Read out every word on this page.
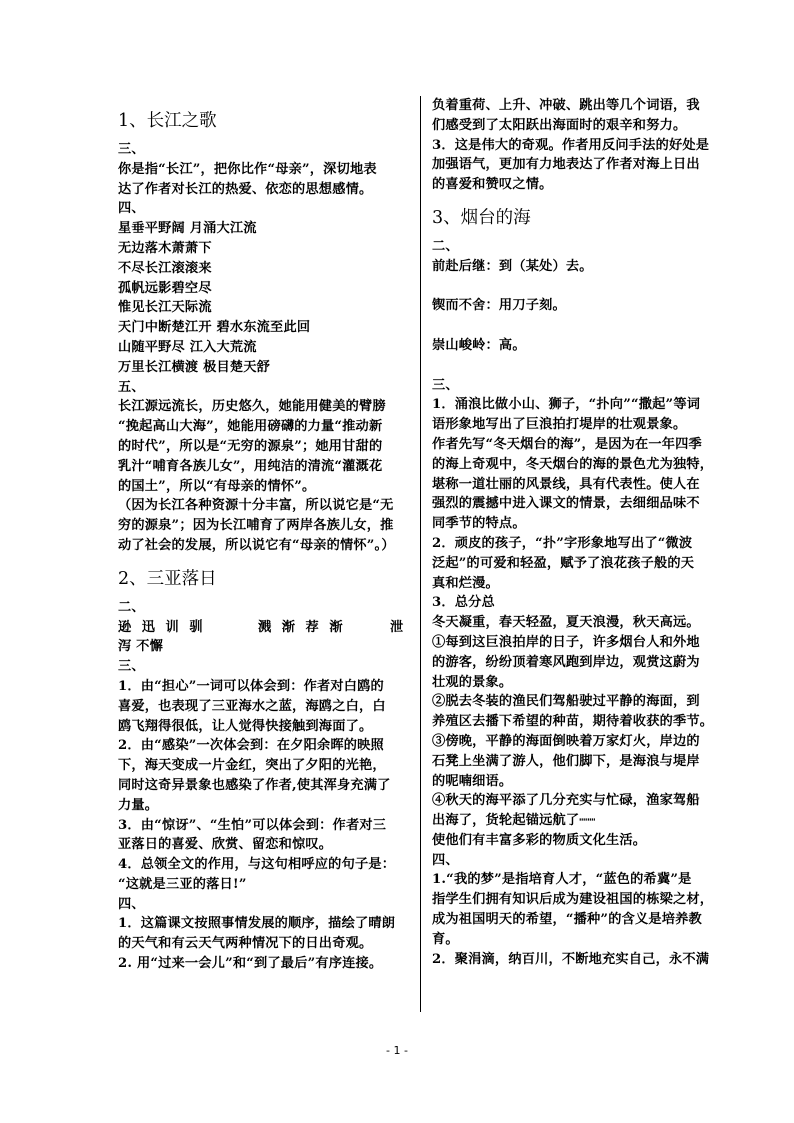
1、长江之歌
三、
你是指“长江”，把你比作“母亲”，深切地表
达了作者对长江的热爱、依恋的思想感情。
四、
星垂平野阔 月涌大江流
无边落木萧萧下
不尽长江滚滚来
孤帆远影碧空尽
惟见长江天际流
天门中断楚江开 碧水东流至此回
山随平野尽 江入大荒流
万里长江横渡 极目楚天舒
五、
长江源远流长，历史悠久，她能用健美的臂膀
“挽起高山大海”，她能用磅礴的力量“推动新
的时代”，所以是“无穷的源泉”；她用甘甜的
乳汁“哺育各族儿女”，用纯洁的清流“灌溉花
的国土”，所以“有母亲的情怀”。
（因为长江各种资源十分丰富，所以说它是“无
穷的源泉”；因为长江哺育了两岸各族儿女，推
动了社会的发展，所以说它有“母亲的情怀”。）
2、三亚落日
二、
逊 迅 训 驯	溅 渐 荐 渐	泄
泻 不懈
三、
1．由“担心”一词可以体会到：作者对白鸥的
喜爱，也表现了三亚海水之蓝，海鸥之白，白
鸥飞翔得很低，让人觉得快接触到海面了。
2．由“感染”一次体会到：在夕阳余晖的映照
下，海天变成一片金红，突出了夕阳的光艳，
同时这奇异景象也感染了作者,使其浑身充满了
力量。
3．由“惊讶”、“生怕”可以体会到：作者对三
亚落日的喜爱、欣赏、留恋和惊叹。
4．总领全文的作用，与这句相呼应的句子是：
“这就是三亚的落日!”
四、
1．这篇课文按照事情发展的顺序，描绘了晴朗
的天气和有云天气两种情况下的日出奇观。
2. 用“过来一会儿”和“到了最后”有序连接。
负着重荷、上升、冲破、跳出等几个词语，我
们感受到了太阳跃出海面时的艰辛和努力。
3．这是伟大的奇观。作者用反问手法的好处是
加强语气，更加有力地表达了作者对海上日出
的喜爱和赞叹之情。
3、烟台的海
二、
前赴后继：到（某处）去。
锲而不舍：用刀子刻。
崇山峻岭：高。
三、
1．涌浪比做小山、狮子，“扑向”“撒起”等词
语形象地写出了巨浪拍打堤岸的壮观景象。
作者先写“冬天烟台的海”，是因为在一年四季
的海上奇观中，冬天烟台的海的景色尤为独特，
堪称一道壮丽的风景线，具有代表性。使人在
强烈的震撼中进入课文的情景，去细细品味不
同季节的特点。
2．顽皮的孩子，“扑”字形象地写出了“微波
泛起”的可爱和轻盈，赋予了浪花孩子般的天
真和烂漫。
3．总分总
冬天凝重，春天轻盈，夏天浪漫，秋天高远。
①每到这巨浪拍岸的日子，许多烟台人和外地
的游客，纷纷顶着寒风跑到岸边，观赏这蔚为
壮观的景象。
②脱去冬装的渔民们驾船驶过平静的海面，到
养殖区去播下希望的种苗，期待着收获的季节。
③傍晚，平静的海面倒映着万家灯火，岸边的
石凳上坐满了游人，他们脚下，是海浪与堤岸
的呢喃细语。
④秋天的海平添了几分充实与忙碌，渔家驾船
出海了，货轮起锚远航了┉┉
使他们有丰富多彩的物质文化生活。
四、
1.“我的梦”是指培育人才，“蓝色的希冀”是
指学生们拥有知识后成为建设祖国的栋梁之材，
成为祖国明天的希望，“播种”的含义是培养教
育。
2．聚涓滴，纳百川，不断地充实自己，永不满
- 1 -
